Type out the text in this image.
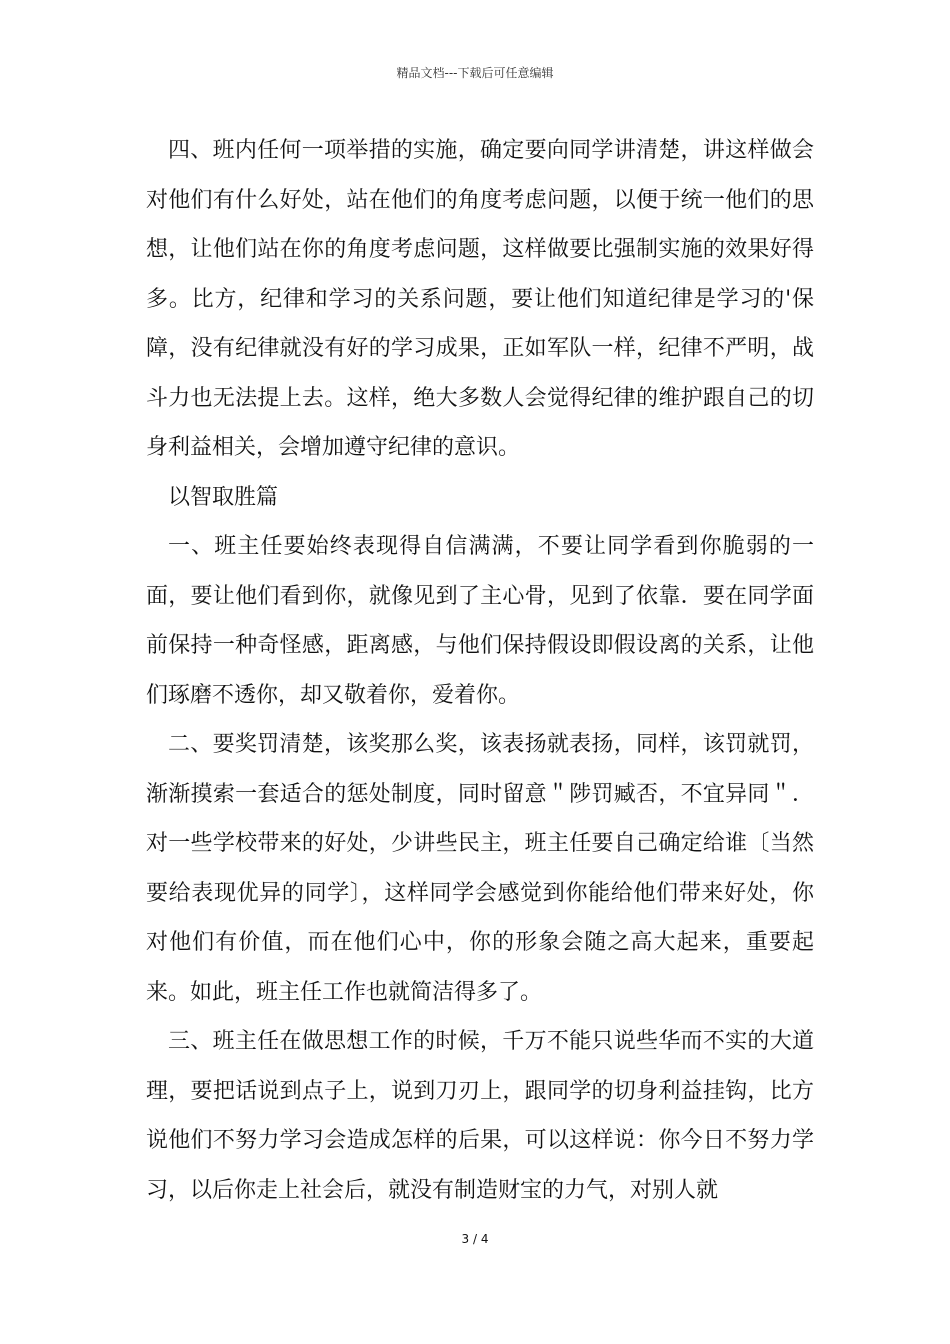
精品文档---下载后可任意编辑

四、班内任何一项举措的实施，确定要向同学讲清楚，讲这样做会对他们有什么好处，站在他们的角度考虑问题，以便于统一他们的思想，让他们站在你的角度考虑问题，这样做要比强制实施的效果好得多。比方，纪律和学习的关系问题，要让他们知道纪律是学习的'保障，没有纪律就没有好的学习成果，正如军队一样，纪律不严明，战斗力也无法提上去。这样，绝大多数人会觉得纪律的维护跟自己的切身利益相关，会增加遵守纪律的意识。

以智取胜篇

一、班主任要始终表现得自信满满，不要让同学看到你脆弱的一面，要让他们看到你，就像见到了主心骨，见到了依靠．要在同学面前保持一种奇怪感，距离感，与他们保持假设即假设离的关系，让他们琢磨不透你，却又敬着你，爱着你。

二、要奖罚清楚，该奖那么奖，该表扬就表扬，同样，该罚就罚，渐渐摸索一套适合的惩处制度，同时留意＂陟罚臧否，不宜异同＂．对一些学校带来的好处，少讲些民主，班主任要自己确定给谁〔当然要给表现优异的同学〕，这样同学会感觉到你能给他们带来好处，你对他们有价值，而在他们心中，你的形象会随之高大起来，重要起来。如此，班主任工作也就简洁得多了。

三、班主任在做思想工作的时候，千万不能只说些华而不实的大道理，要把话说到点子上，说到刀刃上，跟同学的切身利益挂钩，比方说他们不努力学习会造成怎样的后果，可以这样说：你今日不努力学习，以后你走上社会后，就没有制造财宝的力气，对别人就

3 / 4
